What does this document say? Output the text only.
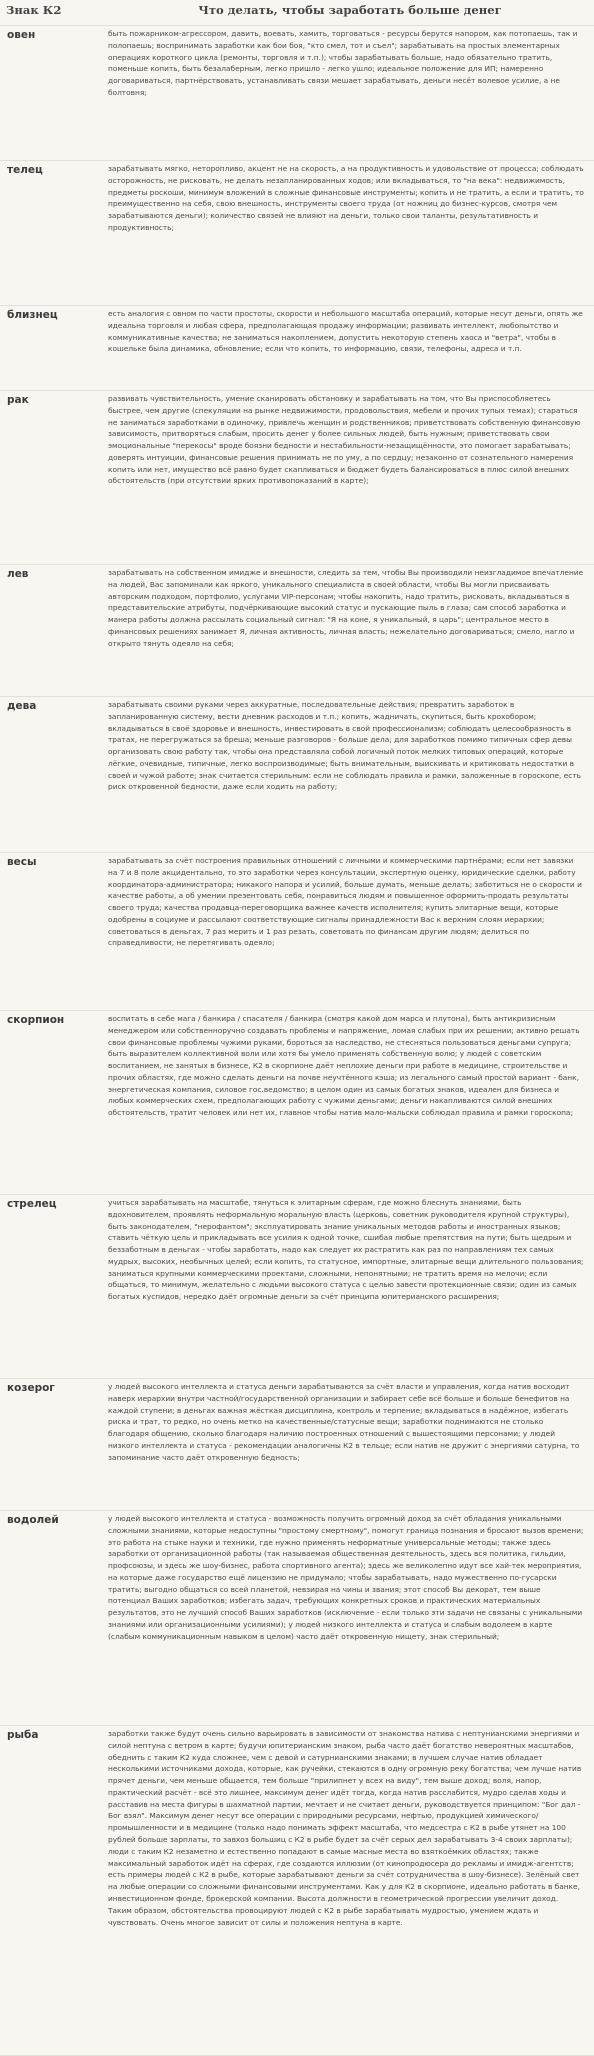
Знак К2	Что делать, чтобы заработать больше денег
овен	быть пожарником-агрессором, давить, воевать, хамить, торговаться - ресурсы берутся напором, как потопаешь, так и полопаешь; воспринимать заработки как бои боя, "кто смел, тот и съел"; зарабатывать на простых элементарных операциях короткого цикла (ремонты, торговля и т.п.); чтобы зарабатывать больше, надо обязательно тратить, поменьше копить, быть безалаберным, легко пришло - легко ушло; идеальное положение для ИП; намеренно договариваться, партнёрствовать, устанавливать связи мешает зарабатывать, деньги несёт волевое усилие, а не болтовня;
телец	зарабатывать мягко, неторопливо, акцент не на скорость, а на продуктивность и удовольствие от процесса; соблюдать осторожность, не рисковать, не делать незапланированных ходов; или вкладываться, то "на века": недвижимость, предметы роскоши, минимум вложений в сложные финансовые инструменты; копить и не тратить, а если и тратить, то преимущественно на себя, свою внешность, инструменты своего труда (от ножниц до бизнес-курсов, смотря чем зарабатываются деньги); количество связей не влияют на деньги, только свои таланты, результативность и продуктивность;
близнец	есть аналогия с овном по части простоты, скорости и небольшого масштаба операций, которые несут деньги, опять же идеальна торговля и любая сфера, предполагающая продажу информации; развивать интеллект, любопытство и коммуникативные качества; не заниматься накоплением, допустить некоторую степень хаоса и "ветра", чтобы в кошельке была динамика, обновление; если что копить, то информацию, связи, телефоны, адреса и т.п.
рак	развивать чувствительность, умение сканировать обстановку и зарабатывать на том, что Вы приспособляетесь быстрее, чем другие (спекуляции на рынке недвижимости, продовольствия, мебели и прочих тупых темах); стараться не заниматься заработками в одиночку, привлечь женщин и родственников; приветствовать собственную финансовую зависимость, притворяться слабым, просить денег у более сильных людей, быть нужным; приветствовать свои эмоциональные "перекосы" вроде боязни бедности и нестабильности-незащищённости, это помогает зарабатывать; доверять интуиции, финансовые решения принимать не по уму, а по сердцу; незаконно от сознательного намерения копить или нет, имущество всё равно будет скапливаться и бюджет будеть балансироваться в плюс силой внешних обстоятельств (при отсутствии ярких противопоказаний в карте);
лев	зарабатывать на собственном имидже и внешности, следить за тем, чтобы Вы производили неизгладимое впечатление на людей, Вас запоминали как яркого, уникального специалиста в своей области, чтобы Вы могли присваивать авторским подходом, портфолио, услугами VIP-персонам; чтобы накопить, надо тратить, рисковать, вкладываться в представительские атрибуты, подчёркивающие высокий статус и пускающие пыль в глаза; сам способ заработка и манера работы должна рассылать социальный сигнал: "Я на коне, я уникальный, я царь"; центральное место в финансовых решениях занимает Я, личная активность, личная власть; нежелательно договариваться; смело, нагло и открыто тянуть одеяло на себя;
дева	зарабатывать своими руками через аккуратные, последовательные действия; превратить заработок в запланированную систему, вести дневник расходов и т.п.; копить, жадничать, скупиться, быть крохобором; вкладываться в своё здоровье и внешность, инвестировать в свой профессионализм; соблюдать целесообразность в тратах, не перегружаться за бреша; меньше разговоров - больше дела; для заработков помимо типичных сфер девы организовать свою работу так, чтобы она представляла собой логичный поток мелких типовых операций, которые лёгкие, очевидные, типичные, легко воспроизводимые; быть внимательным, выискивать и критиковать недостатки в своей и чужой работе; знак считается стерильным: если не соблюдать правила и рамки, заложенные в гороскопе, есть риск откровенной бедности, даже если ходить на работу;
весы	зарабатывать за счёт построения правильных отношений с личными и коммерческими партнёрами; если нет завязки на 7 и 8 поле акцидентально, то это заработки через консультации, экспертную оценку, юридические сделки, работу координатора-администратора; никакого напора и усилий, больше думать, меньше делать; заботиться не о скорости и качестве работы, а об умении презентовать себя, понравиться людям и повышенное оформить-продать результаты своего труда; качества продавца-переговорщика важнее качеств исполнителя; купить элитарные вещи, которые одобрены в социуме и рассылают соответствующие сигналы принадлежности Вас к верхним слоям иерархии; советоваться в деньгах, 7 раз мерить и 1 раз резать, советовать по финансам другим людям; делиться по справедливости, не перетягивать одеяло;
скорпион	воспитать в себе мага / банкира / спасателя / банкира (смотря какой дом марса и плутона), быть антикризисным менеджером или собственноручно создавать проблемы и напряжение, ломая слабых при их решении; активно решать свои финансовые проблемы чужими руками, бороться за наследство, не стесняться пользоваться деньгами супруга; быть выразителем коллективной воли или хотя бы умело применять собственную волю; у людей с советским воспитанием, не занятых в бизнесе, К2 в скорпионе даёт неплохие деньги при работе в медицине, строительстве и прочих областях, где можно сделать деньги на почве неучтённого кэша; из легального самый простой вариант - банк, энергетическая компания, силовое гос.ведомство; в целом один из самых богатых знаков, идеален для бизнеса и любых коммерческих схем, предполагающих работу с чужими деньгами; деньги накапливаются силой внешних обстоятельств, тратит человек или нет их, главное чтобы натив мало-мальски соблюдал правила и рамки гороскопа;
стрелец	учиться зарабатывать на масштабе, тянуться к элитарным сферам, где можно блеснуть знаниями, быть вдохновителем, проявлять неформальную моральную власть (церковь, советник руководителя крупной структуры), быть законодателем, "нерофантом"; эксплуатировать знание уникальных методов работы и иностранных языков; ставить чёткую цель и прикладывать все усилия к одной точке, сшибая любые препятствия на пути; быть щедрым и беззаботным в деньгах - чтобы заработать, надо как следует их растратить как раз по направлениям тех самых мудрых, высоких, необычных целей; если копить, то статусное, импортные, элитарные вещи длительного пользования; заниматься крупными коммерческими проектами, сложными, непонятными; не тратить время на мелочи; если общаться, то минимум, желательно с людьми высокого статуса с целью завести протекционные связи; один из самых богатых куспидов, нередко даёт огромные деньги за счёт принципа юпитерианского расширения;
козерог	у людей высокого интеллекта и статуса деньги зарабатываются за счёт власти и управления, когда натив восходит наверх иерархии внутри частной/государственной организации и забирает себе всё больше и больше бенефитов на каждой ступени; в деньгах важная жёсткая дисциплина, контроль и терпение; вкладываться в надёжное, избегать риска и трат, то редко, но очень метко на качественные/статусные вещи; заработки поднимаются не столько благодаря общению, сколько благодаря наличию построенных отношений с вышестоящими персонами; у людей низкого интеллекта и статуса - рекомендации аналогичны К2 в тельце; если натив не дружит с энергиями сатурна, то запоминание часто даёт откровенную бедность;
водолей	у людей высокого интеллекта и статуса - возможность получить огромный доход за счёт обладания уникальными сложными знаниями, которые недоступны "простому смертному", помогут граница познания и бросают вызов времени; это работа на стыке науки и техники, где нужно применять неформатные универсальные методы; также здесь заработки от организационной работы (так называемая общественная деятельность, здесь вся политика, гильдии, профсоюзы, и здесь же шоу-бизнес, работа спортивного агента); здесь же великолепно идут все хай-тек мероприятия, на которые даже государство ещё лицензию не придумало; чтобы зарабатывать, надо мужественно по-гусарски тратить; выгодно общаться со всей планетой, невзирая на чины и звания; этот способ Вы декорат, тем выше потенциал Ваших заработков; избегать задач, требующих конкретных сроков и практических материальных результатов, это не лучший способ Ваших заработков (исключение - если только эти задачи не связаны с уникальными знаниями или организационными усилиями); у людей низкого интеллекта и статуса и слабым водолеем в карте (слабым коммуникационным навыком в целом) часто даёт откровенную нищету, знак стерильный;
рыба	заработки также будут очень сильно варьировать в зависимости от знакомства натива с нептунианскими энергиями и силой нептуна с ветром в карте; будучи юпитерианским знаком, рыба часто даёт богатство невероятных масштабов, обеднить с таким К2 куда сложнее, чем с девой и сатурнианскими знаками; в лучшем случае натив обладает несколькими источниками дохода, которые, как ручейки, стекаются в одну огромную реку богатства; чем лучше натив прячет деньги, чем меньше общается, тем больше "прилипнет у всех на виду", тем выше доход; воля, напор, практический расчёт - всё это лишнее, максимум денег идёт тогда, когда натив расслабится, мудро сделав ходы и расставив на места фигуры в шахматной партии, мечтает и не считает деньги, руководствуется принципом: "Бог дал - Бог взял". Максимум денег несут все операции с природными ресурсами, нефтью, продукцией химического/промышленности и в медицине (только надо понимать эффект масштаба, что медсестра с К2 в рыбе утянет на 100 рублей больше зарплаты, то завхоз большиц с К2 в рыбе будет за счёт серых дел зарабатывать 3-4 своих зарплаты); люди с таким К2 незаметно и естественно попадают в самые масные места во взяткоёмких областях; также максимальный заработок идёт на сферах, где создаются иллюзии (от кинопродюсера до рекламы и имидж-агентств; есть примеры людей с К2 в рыбе, которые зарабатывают деньги за счёт сотрудничества в шоу-бизнесе). Зелёный свет на любые операции со сложными финансовыми инструментами. Как у для К2 в скорпионе, идеально работать в банке, инвестиционном фонде, брокерской компании. Высота должности в геометрической прогрессии увеличит доход. Таким образом, обстоятельства провоцируют людей с К2 в рыбе зарабатывать мудростью, умением ждать и чувствовать. Очень многое зависит от силы и положения нептуна в карте.
